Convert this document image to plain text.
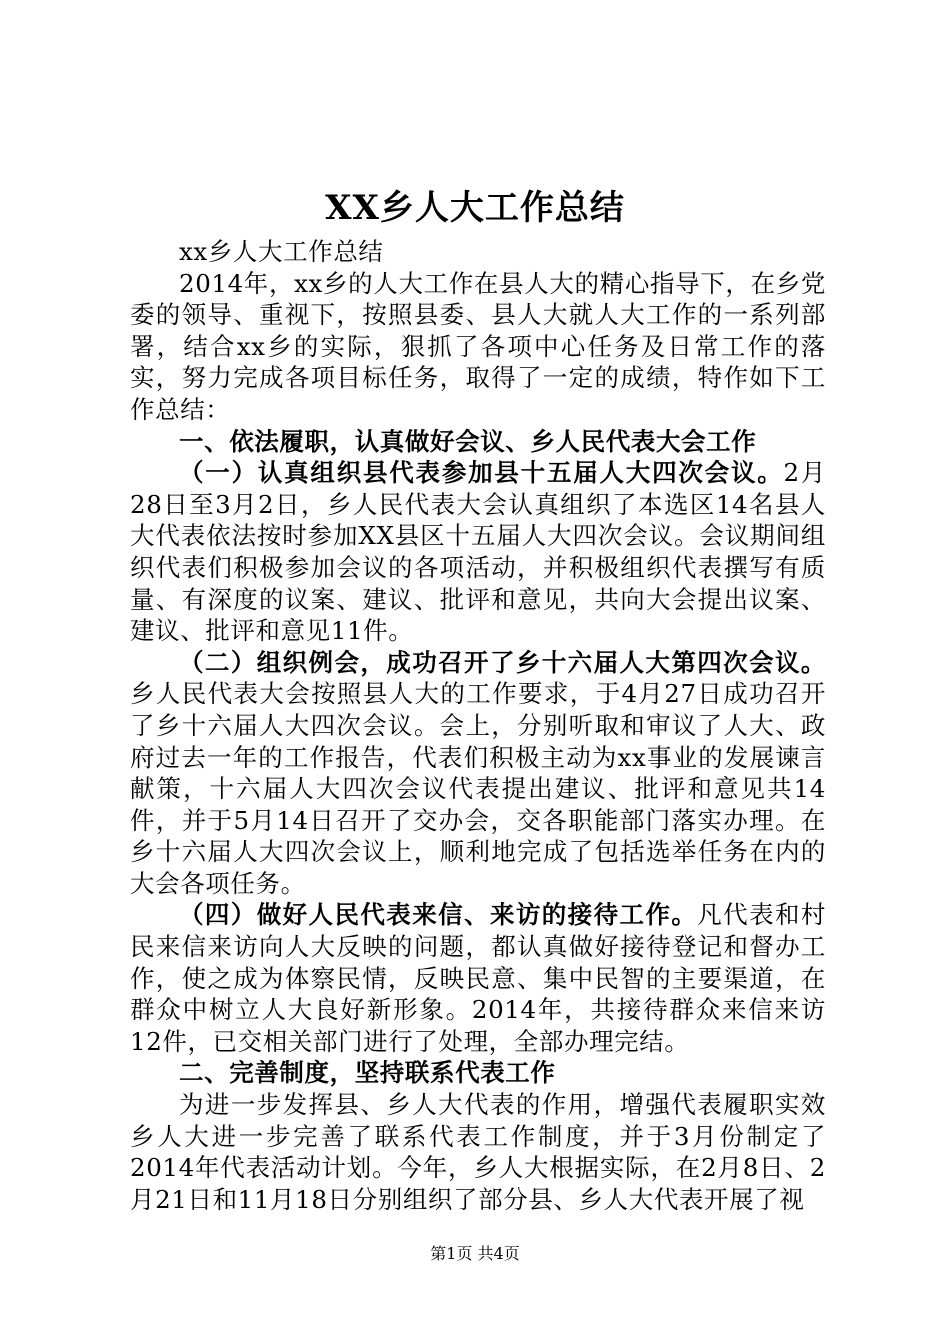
XX乡人大工作总结

xx乡人大工作总结

2014年，xx乡的人大工作在县人大的精心指导下，在乡党委的领导、重视下，按照县委、县人大就人大工作的一系列部署，结合xx乡的实际，狠抓了各项中心任务及日常工作的落实，努力完成各项目标任务，取得了一定的成绩，特作如下工作总结：

一、依法履职，认真做好会议、乡人民代表大会工作

（一）认真组织县代表参加县十五届人大四次会议。2月28日至3月2日，乡人民代表大会认真组织了本选区14名县人大代表依法按时参加XX县区十五届人大四次会议。会议期间组织代表们积极参加会议的各项活动，并积极组织代表撰写有质量、有深度的议案、建议、批评和意见，共向大会提出议案、建议、批评和意见11件。

（二）组织例会，成功召开了乡十六届人大第四次会议。乡人民代表大会按照县人大的工作要求，于4月27日成功召开了乡十六届人大四次会议。会上，分别听取和审议了人大、政府过去一年的工作报告，代表们积极主动为xx事业的发展谏言献策，十六届人大四次会议代表提出建议、批评和意见共14件，并于5月14日召开了交办会，交各职能部门落实办理。在乡十六届人大四次会议上，顺利地完成了包括选举任务在内的大会各项任务。

（四）做好人民代表来信、来访的接待工作。凡代表和村民来信来访向人大反映的问题，都认真做好接待登记和督办工作，使之成为体察民情，反映民意、集中民智的主要渠道，在群众中树立人大良好新形象。2014年，共接待群众来信来访12件，已交相关部门进行了处理，全部办理完结。

二、完善制度，坚持联系代表工作

为进一步发挥县、乡人大代表的作用，增强代表履职实效乡人大进一步完善了联系代表工作制度，并于3月份制定了2014年代表活动计划。今年，乡人大根据实际，在2月8日、2月21日和11月18日分别组织了部分县、乡人大代表开展了视

第1页 共4页
